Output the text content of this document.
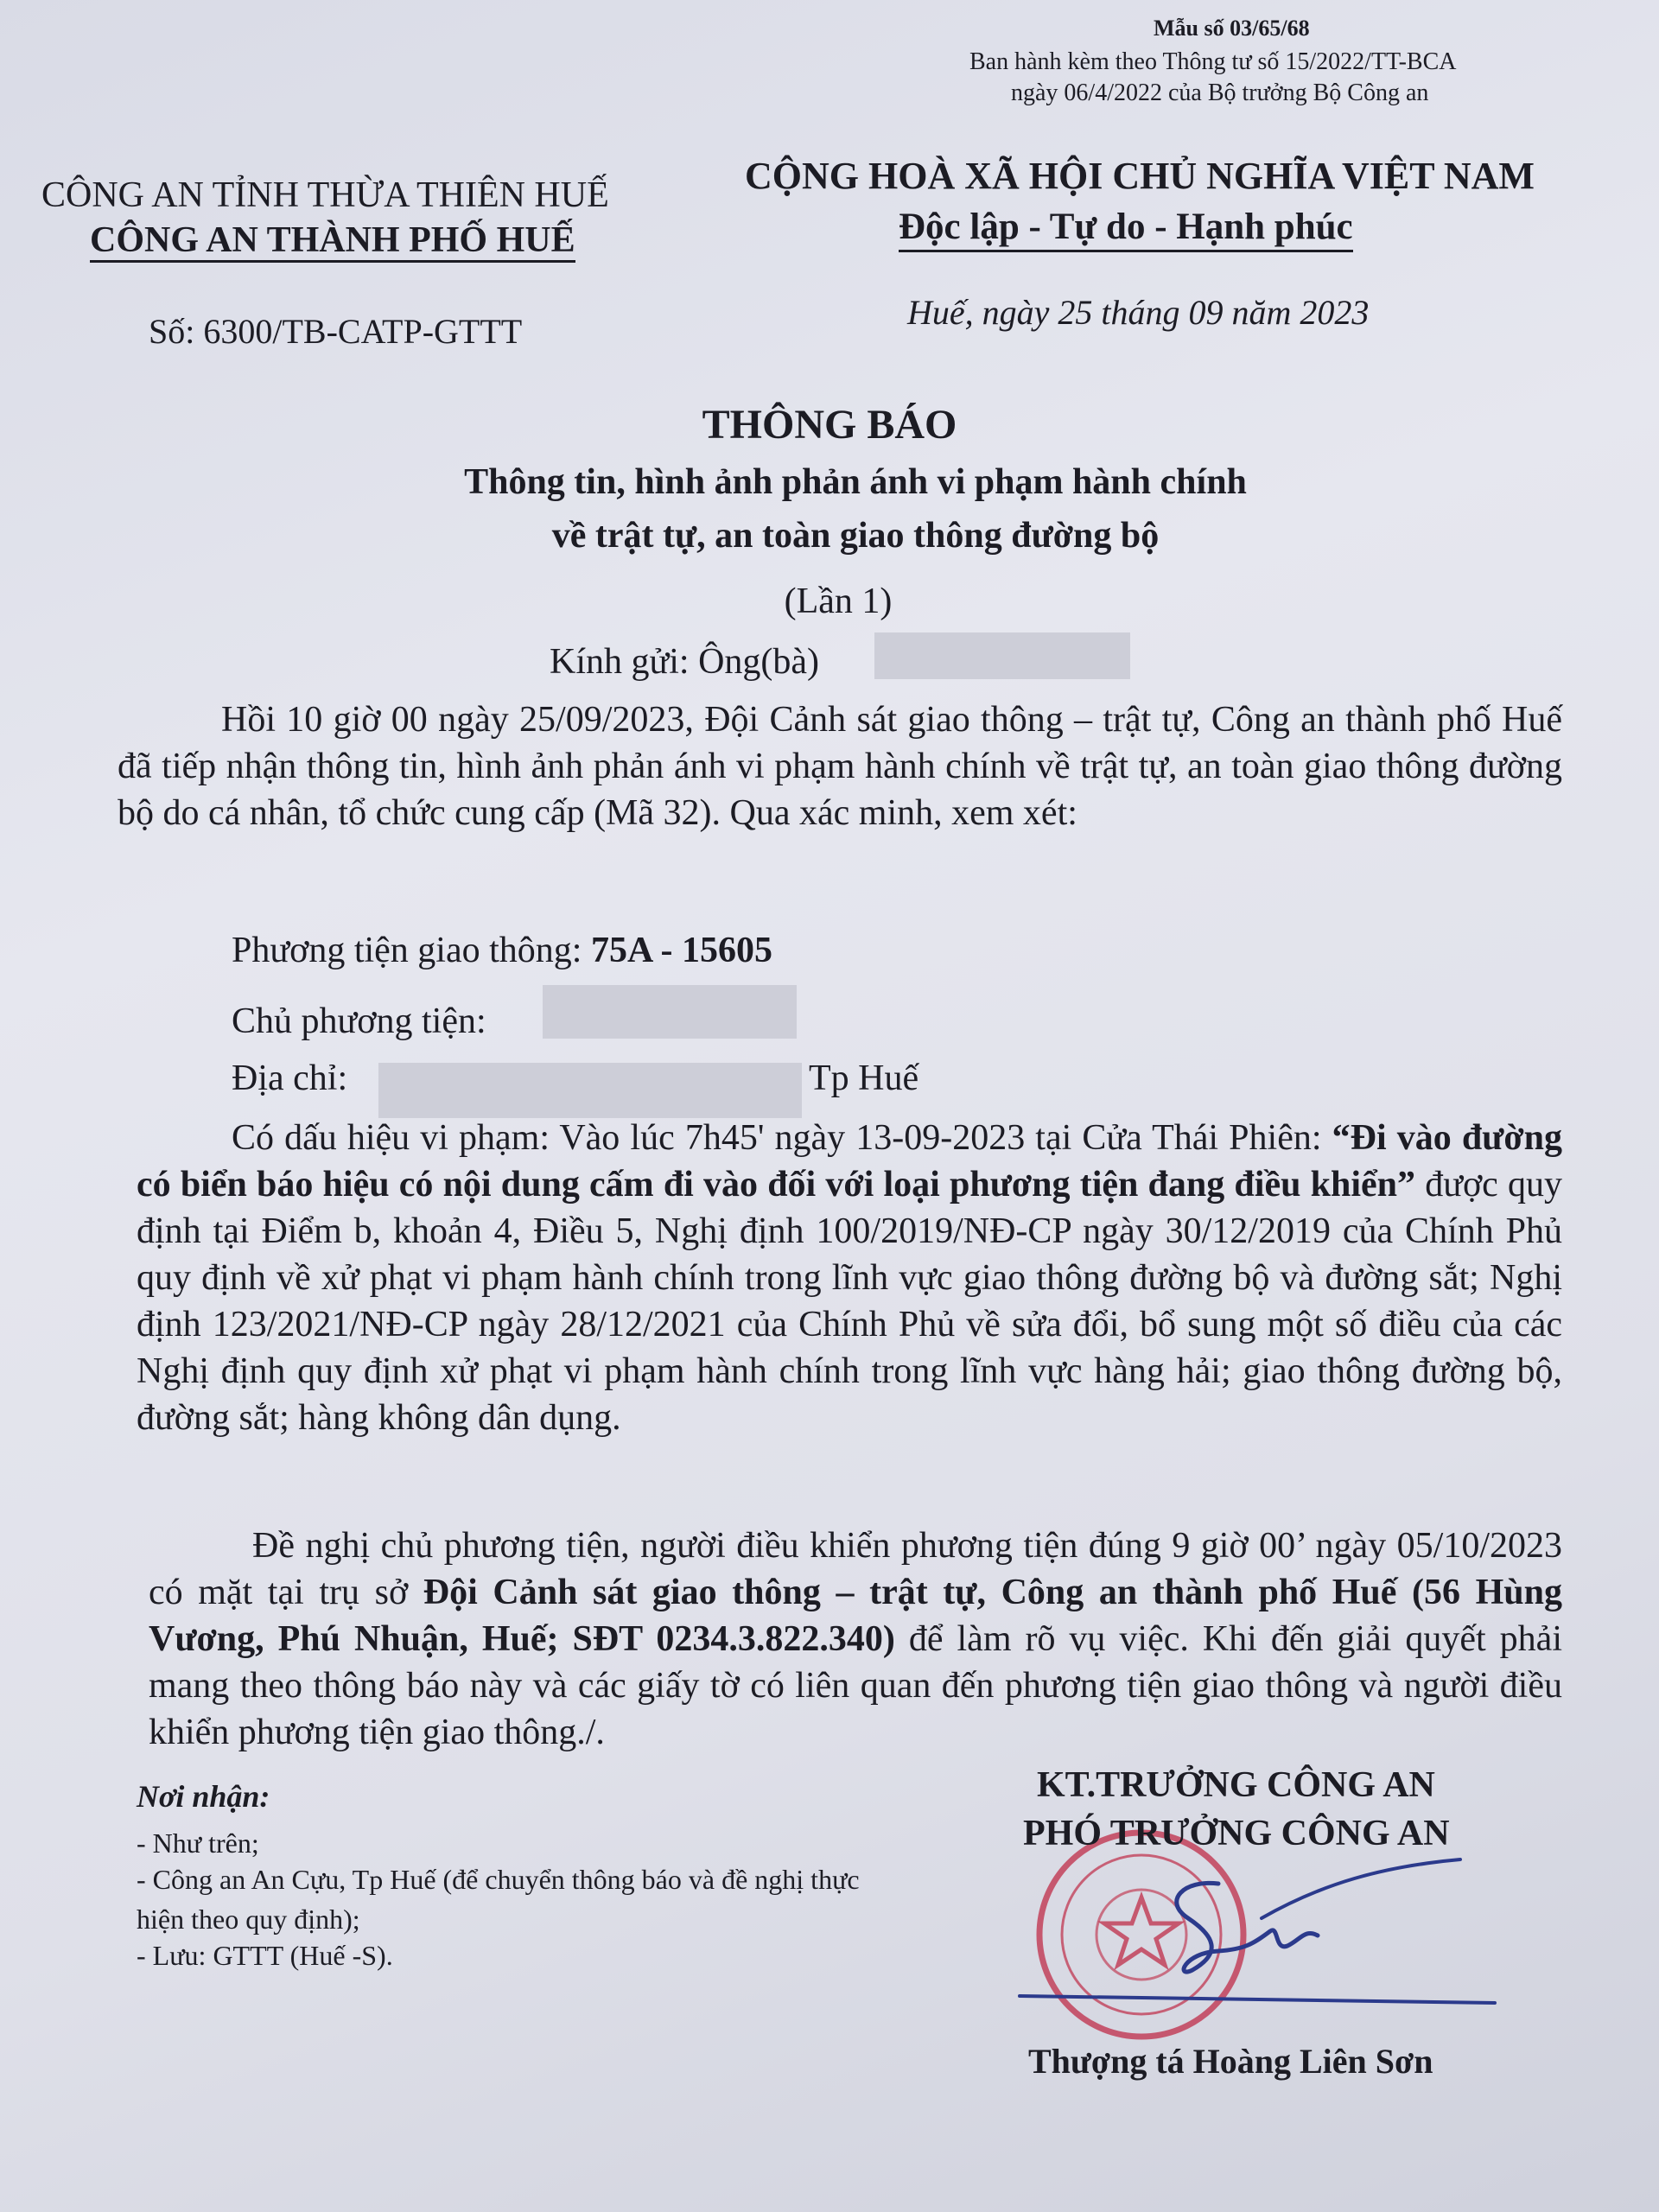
Mẫu số 03/65/68
Ban hành kèm theo Thông tư số 15/2022/TT-BCA
ngày 06/4/2022 của Bộ trưởng Bộ Công an
CÔNG AN TỈNH THỪA THIÊN HUẾ
CÔNG AN THÀNH PHỐ HUẾ
CỘNG HOÀ XÃ HỘI CHỦ NGHĨA VIỆT NAM
Độc lập - Tự do - Hạnh phúc
Số: 6300/TB-CATP-GTTT	Huế, ngày 25 tháng 09 năm 2023
THÔNG BÁO
Thông tin, hình ảnh phản ánh vi phạm hành chính
về trật tự, an toàn giao thông đường bộ
(Lần 1)
Kính gửi: Ông(bà)
Hồi 10 giờ 00 ngày 25/09/2023, Đội Cảnh sát giao thông – trật tự, Công an thành phố Huế đã tiếp nhận thông tin, hình ảnh phản ánh vi phạm hành chính về trật tự, an toàn giao thông đường bộ do cá nhân, tổ chức cung cấp (Mã 32). Qua xác minh, xem xét:
Phương tiện giao thông: 75A - 15605
Chủ phương tiện:
Địa chỉ:	Tp Huế
Có dấu hiệu vi phạm: Vào lúc 7h45' ngày 13-09-2023 tại Cửa Thái Phiên: “Đi vào đường có biển báo hiệu có nội dung cấm đi vào đối với loại phương tiện đang điều khiển” được quy định tại Điểm b, khoản 4, Điều 5, Nghị định 100/2019/NĐ-CP ngày 30/12/2019 của Chính Phủ quy định về xử phạt vi phạm hành chính trong lĩnh vực giao thông đường bộ và đường sắt; Nghị định 123/2021/NĐ-CP ngày 28/12/2021 của Chính Phủ về sửa đổi, bổ sung một số điều của các Nghị định quy định xử phạt vi phạm hành chính trong lĩnh vực hàng hải; giao thông đường bộ, đường sắt; hàng không dân dụng.
Đề nghị chủ phương tiện, người điều khiển phương tiện đúng 9 giờ 00’ ngày 05/10/2023 có mặt tại trụ sở Đội Cảnh sát giao thông – trật tự, Công an thành phố Huế (56 Hùng Vương, Phú Nhuận, Huế; SĐT 0234.3.822.340) để làm rõ vụ việc. Khi đến giải quyết phải mang theo thông báo này và các giấy tờ có liên quan đến phương tiện giao thông và người điều khiển phương tiện giao thông./.
Nơi nhận:
- Như trên;
- Công an An Cựu, Tp Huế (để chuyển thông báo và đề nghị thực hiện theo quy định);
- Lưu: GTTT (Huế -S).
KT.TRƯỞNG CÔNG AN
PHÓ TRƯỞNG CÔNG AN
Thượng tá Hoàng Liên Sơn
